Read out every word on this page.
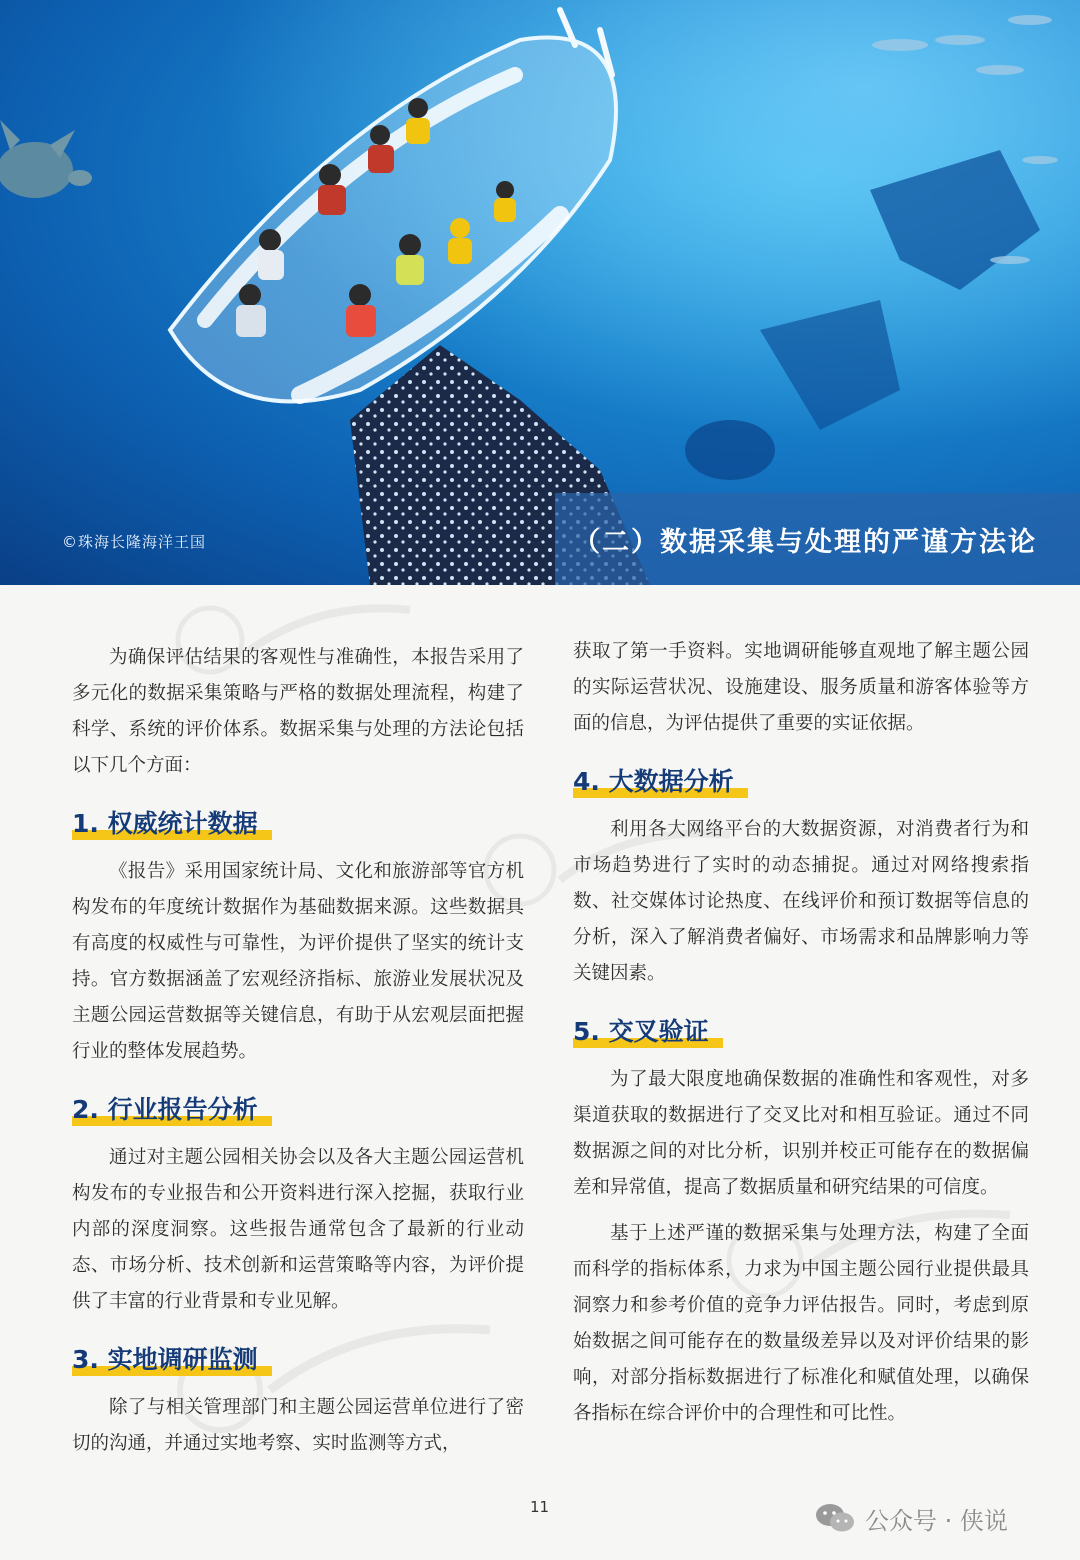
©珠海长隆海洋王国	（二）数据采集与处理的严谨方法论

为确保评估结果的客观性与准确性，本报告采用了多元化的数据采集策略与严格的数据处理流程，构建了科学、系统的评价体系。数据采集与处理的方法论包括以下几个方面：

1. 权威统计数据

《报告》采用国家统计局、文化和旅游部等官方机构发布的年度统计数据作为基础数据来源。这些数据具有高度的权威性与可靠性，为评价提供了坚实的统计支持。官方数据涵盖了宏观经济指标、旅游业发展状况及主题公园运营数据等关键信息，有助于从宏观层面把握行业的整体发展趋势。

2. 行业报告分析

通过对主题公园相关协会以及各大主题公园运营机构发布的专业报告和公开资料进行深入挖掘，获取行业内部的深度洞察。这些报告通常包含了最新的行业动态、市场分析、技术创新和运营策略等内容，为评价提供了丰富的行业背景和专业见解。

3. 实地调研监测

除了与相关管理部门和主题公园运营单位进行了密切的沟通，并通过实地考察、实时监测等方式，

获取了第一手资料。实地调研能够直观地了解主题公园的实际运营状况、设施建设、服务质量和游客体验等方面的信息，为评估提供了重要的实证依据。

4. 大数据分析

利用各大网络平台的大数据资源，对消费者行为和市场趋势进行了实时的动态捕捉。通过对网络搜索指数、社交媒体讨论热度、在线评价和预订数据等信息的分析，深入了解消费者偏好、市场需求和品牌影响力等关键因素。

5. 交叉验证

为了最大限度地确保数据的准确性和客观性，对多渠道获取的数据进行了交叉比对和相互验证。通过不同数据源之间的对比分析，识别并校正可能存在的数据偏差和异常值，提高了数据质量和研究结果的可信度。

基于上述严谨的数据采集与处理方法，构建了全面而科学的指标体系，力求为中国主题公园行业提供最具洞察力和参考价值的竞争力评估报告。同时，考虑到原始数据之间可能存在的数量级差异以及对评价结果的影响，对部分指标数据进行了标准化和赋值处理，以确保各指标在综合评价中的合理性和可比性。

11	公众号 · 侠说
